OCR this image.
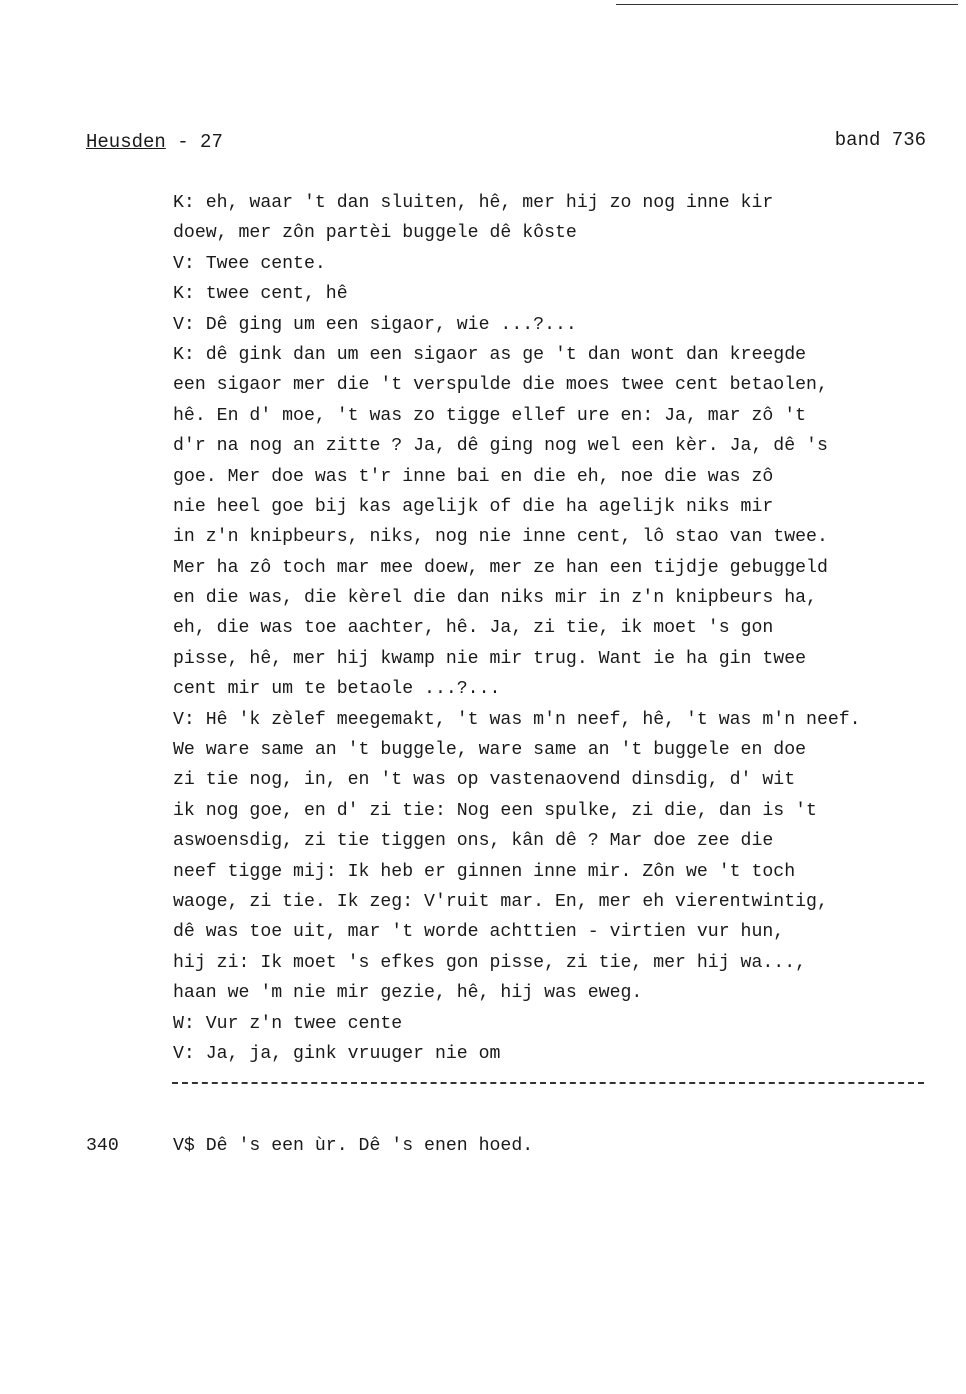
Heusden - 27	band 736
K: eh, waar 't dan sluiten, hê, mer hij zo nog inne kir
doew, mer zôn partèi buggele dê kôste
V: Twee cente.
K: twee cent, hê
V: Dê ging um een sigaor, wie ...?...
K: dê gink dan um een sigaor as ge 't dan wont dan kreegde
een sigaor mer die 't verspulde die moes twee cent betaolen,
hê. En d' moe, 't was zo tigge ellef ure en: Ja, mar zô 't
d'r na nog an zitte ? Ja, dê ging nog wel een kèr. Ja, dê 's
goe. Mer doe was t'r inne bai en die eh, noe die was zô
nie heel goe bij kas agelijk of die ha agelijk niks mir
in z'n knipbeurs, niks, nog nie inne cent, lô stao van twee.
Mer ha zô toch mar mee doew, mer ze han een tijdje gebuggeld
en die was, die kèrel die dan niks mir in z'n knipbeurs ha,
eh, die was toe aachter, hê. Ja, zi tie, ik moet 's gon
pisse, hê, mer hij kwamp nie mir trug. Want ie ha gin twee
cent mir um te betaole ...?...
V: Hê 'k zèlef meegemakt, 't was m'n neef, hê, 't was m'n neef.
We ware same an 't buggele, ware same an 't buggele en doe
zi tie nog, in, en 't was op vastenaovend dinsdig, d' wit
ik nog goe, en d' zi tie: Nog een spulke, zi die, dan is 't
aswoensdig, zi tie tiggen ons, kân dê ? Mar doe zee die
neef tigge mij: Ik heb er ginnen inne mir. Zôn we 't toch
waoge, zi tie. Ik zeg: V'ruit mar. En, mer eh vierentwintig,
dê was toe uit, mar 't worde achttien - virtien vur hun,
hij zi: Ik moet 's efkes gon pisse, zi tie, mer hij wa...,
haan we 'm nie mir gezie, hê, hij was eweg.
W: Vur z'n twee cente
V: Ja, ja, gink vruuger nie om
340	V$ Dê 's een ùr. Dê 's enen hoed.
